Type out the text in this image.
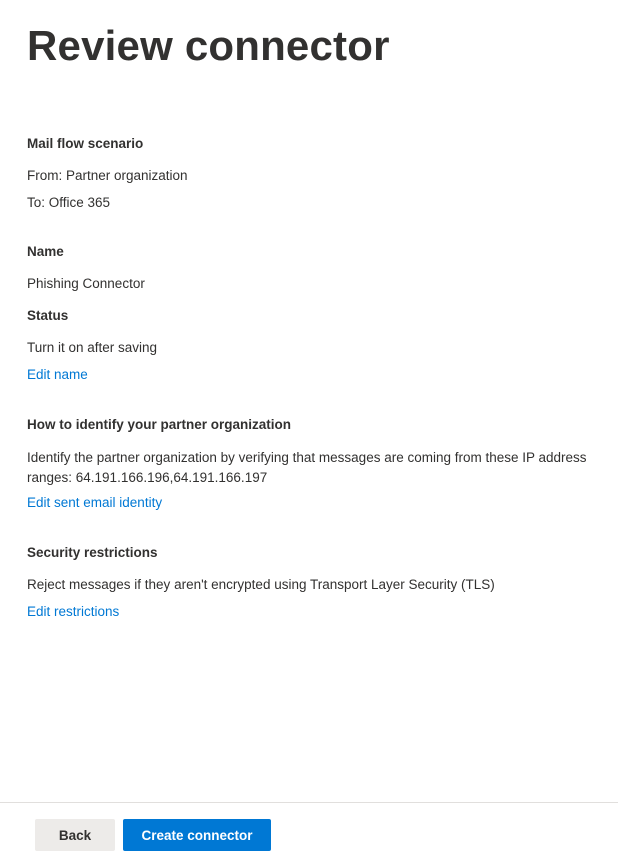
Review connector
Mail flow scenario
From: Partner organization
To: Office 365
Name
Phishing Connector
Status
Turn it on after saving
Edit name
How to identify your partner organization
Identify the partner organization by verifying that messages are coming from these IP address ranges: 64.191.166.196,64.191.166.197
Edit sent email identity
Security restrictions
Reject messages if they aren't encrypted using Transport Layer Security (TLS)
Edit restrictions
Back	Create connector
